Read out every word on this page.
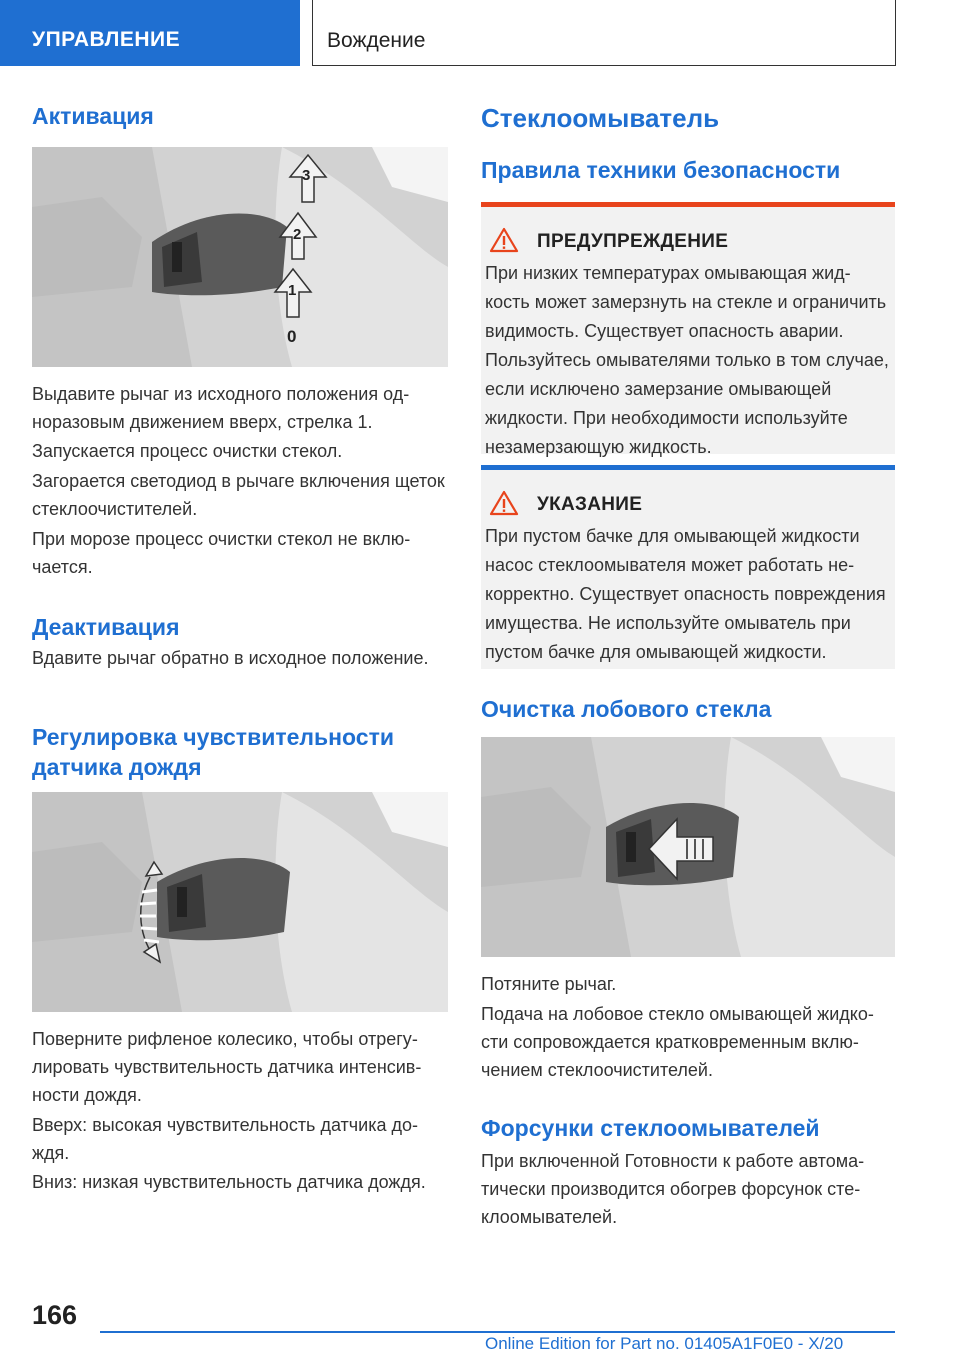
УПРАВЛЕНИЕ	Вождение
Активация
3
2
1
0

Выдавите рычаг из исходного положения одноразовым движением вверх, стрелка 1.

Запускается процесс очистки стекол.

Загорается светодиод в рычаге включения щеток стеклоочистителей.

При морозе процесс очистки стекол не включается.

Деактивация

Вдавите рычаг обратно в исходное положение.

Регулировка чувствительности датчика дождя

Поверните рифленое колесико, чтобы отрегулировать чувствительность датчика интенсивности дождя.

Вверх: высокая чувствительность датчика дождя.

Вниз: низкая чувствительность датчика дождя.

Стеклоомыватель
Правила техники безопасности
ПРЕДУПРЕЖДЕНИЕ
При низких температурах омывающая жидкость может замерзнуть на стекле и ограничить видимость. Существует опасность аварии. Пользуйтесь омывателями только в том случае, если исключено замерзание омывающей жидкости. При необходимости используйте незамерзающую жидкость.
УКАЗАНИЕ
При пустом бачке для омывающей жидкости насос стеклоомывателя может работать некорректно. Существует опасность повреждения имущества. Не используйте омыватель при пустом бачке для омывающей жидкости.
Очистка лобового стекла

Потяните рычаг.

Подача на лобовое стекло омывающей жидкости сопровождается кратковременным включением стеклоочистителей.

Форсунки стеклоомывателей

При включенной Готовности к работе автоматически производится обогрев форсунок стеклоомывателей.

166
Online Edition for Part no. 01405A1F0E0 - X/20
